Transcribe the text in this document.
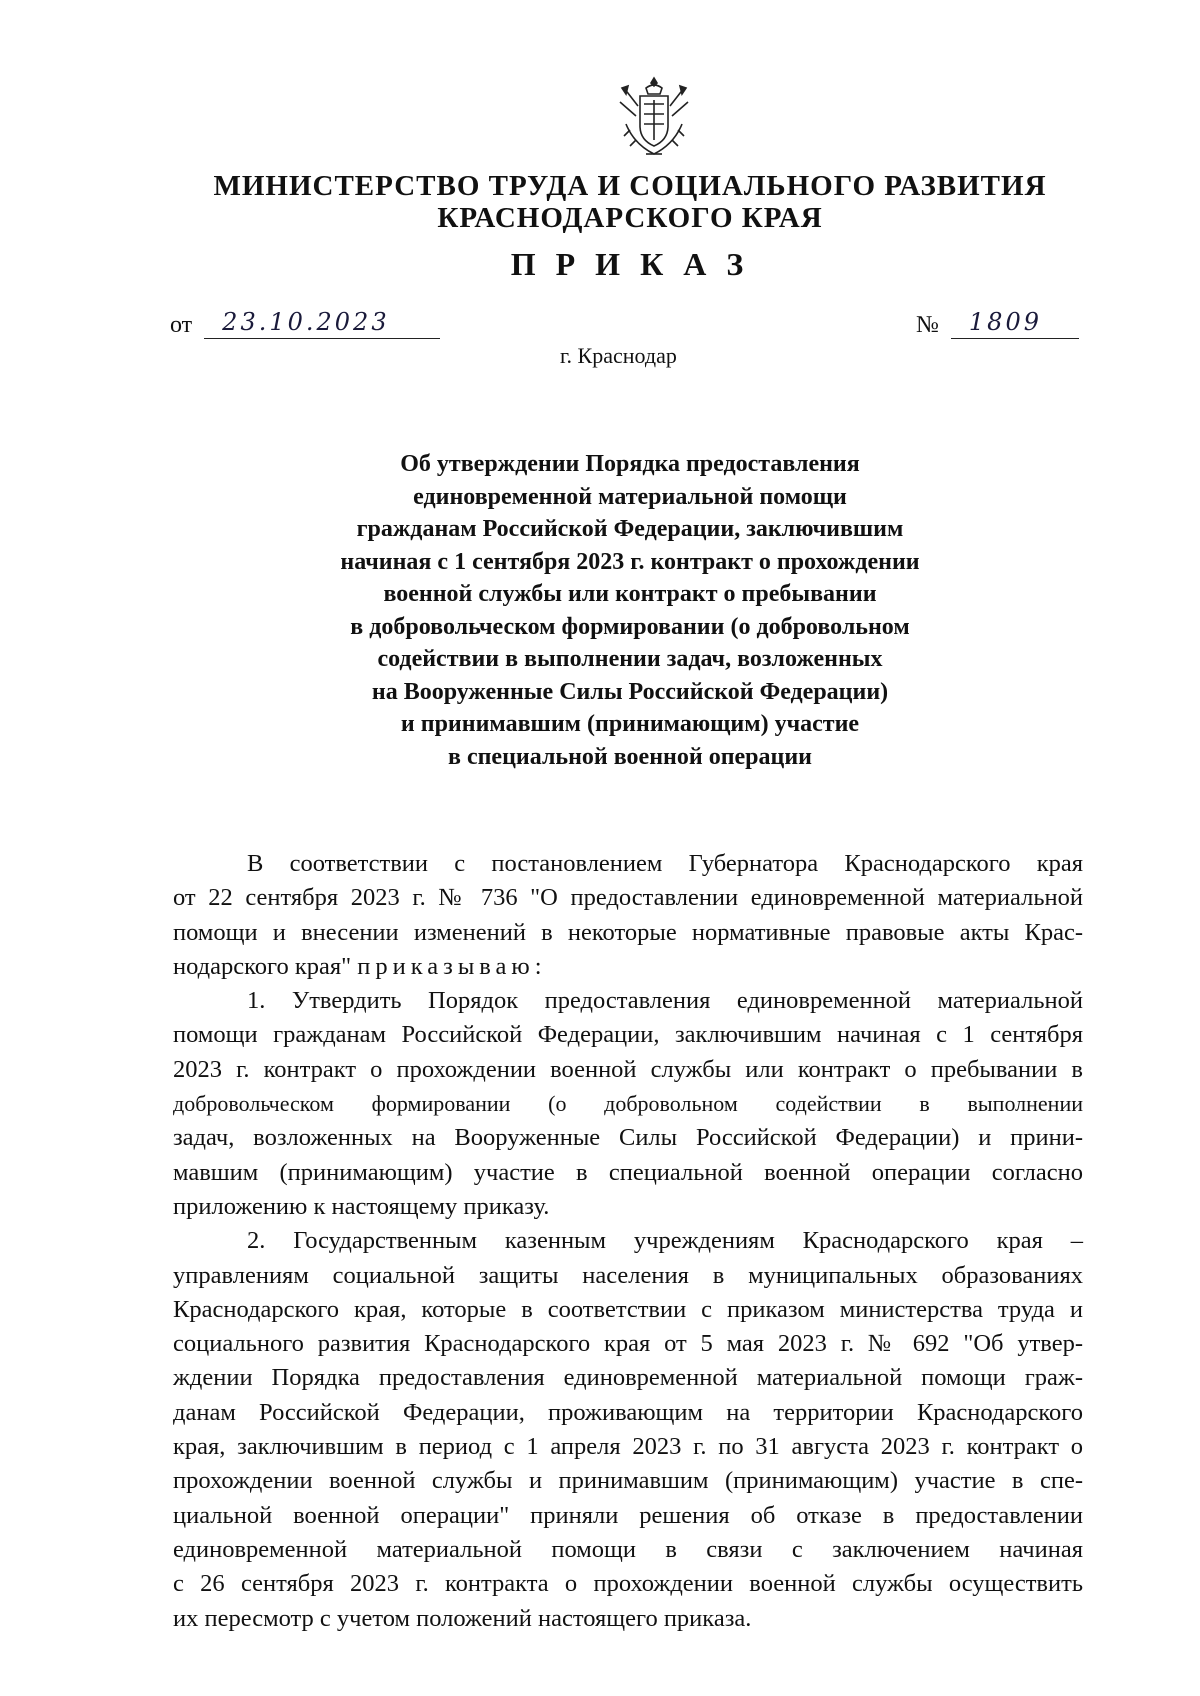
МИНИСТЕРСТВО ТРУДА И СОЦИАЛЬНОГО РАЗВИТИЯ
КРАСНОДАРСКОГО КРАЯ
П Р И К А З
от 23.10.2023	№ 1809
г. Краснодар
Об утверждении Порядка предоставления
единовременной материальной помощи
гражданам Российской Федерации, заключившим
начиная с 1 сентября 2023 г. контракт о прохождении
военной службы или контракт о пребывании
в добровольческом формировании (о добровольном
содействии в выполнении задач, возложенных
на Вооруженные Силы Российской Федерации)
и принимавшим (принимающим) участие
в специальной военной операции
В соответствии с постановлением Губернатора Краснодарского края
от 22 сентября 2023 г. № 736 "О предоставлении единовременной материальной
помощи и внесении изменений в некоторые нормативные правовые акты Крас-
нодарского края" приказываю:
1. Утвердить Порядок предоставления единовременной материальной
помощи гражданам Российской Федерации, заключившим начиная с 1 сентября
2023 г. контракт о прохождении военной службы или контракт о пребывании в
добровольческом формировании (о добровольном содействии в выполнении
задач, возложенных на Вооруженные Силы Российской Федерации) и прини-
мавшим (принимающим) участие в специальной военной операции согласно
приложению к настоящему приказу.
2. Государственным казенным учреждениям Краснодарского края –
управлениям социальной защиты населения в муниципальных образованиях
Краснодарского края, которые в соответствии с приказом министерства труда и
социального развития Краснодарского края от 5 мая 2023 г. № 692 "Об утвер-
ждении Порядка предоставления единовременной материальной помощи граж-
данам Российской Федерации, проживающим на территории Краснодарского
края, заключившим в период с 1 апреля 2023 г. по 31 августа 2023 г. контракт о
прохождении военной службы и принимавшим (принимающим) участие в спе-
циальной военной операции" приняли решения об отказе в предоставлении
единовременной материальной помощи в связи с заключением начиная
с 26 сентября 2023 г. контракта о прохождении военной службы осуществить
их пересмотр с учетом положений настоящего приказа.
